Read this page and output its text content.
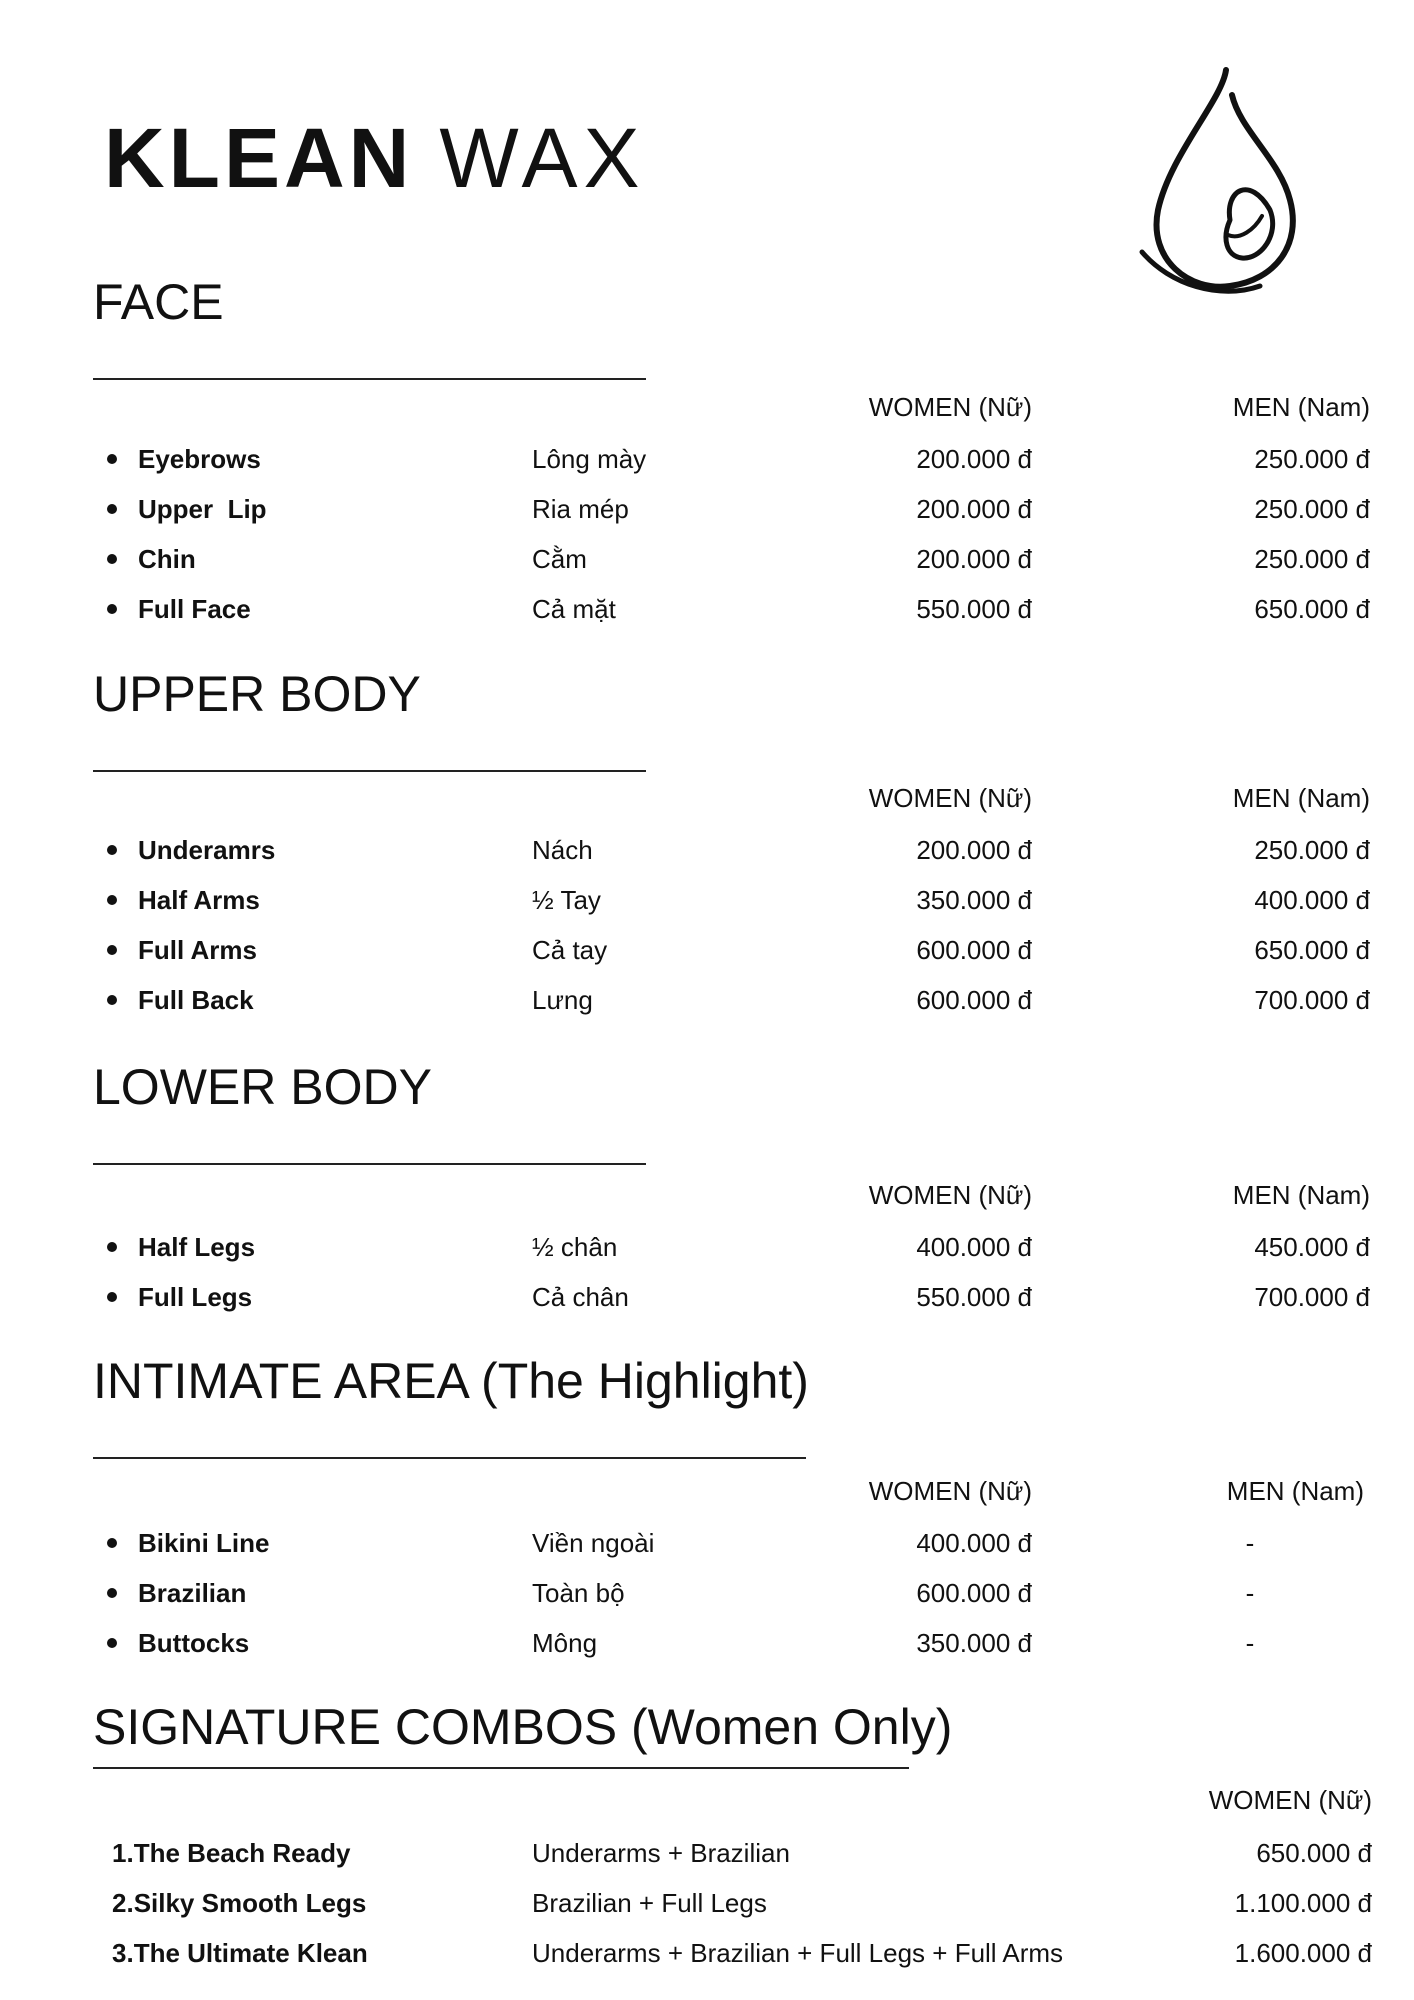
KLEAN WAX
FACE
WOMEN (Nữ)	MEN (Nam)
Eyebrows	Lông mày	200.000 đ	250.000 đ
Upper  Lip	Ria mép	200.000 đ	250.000 đ
Chin	Cằm	200.000 đ	250.000 đ
Full Face	Cả mặt	550.000 đ	650.000 đ
UPPER BODY
WOMEN (Nữ)	MEN (Nam)
Underamrs	Nách	200.000 đ	250.000 đ
Half Arms	½ Tay	350.000 đ	400.000 đ
Full Arms	Cả tay	600.000 đ	650.000 đ
Full Back	Lưng	600.000 đ	700.000 đ
LOWER BODY
WOMEN (Nữ)	MEN (Nam)
Half Legs	½ chân	400.000 đ	450.000 đ
Full Legs	Cả chân	550.000 đ	700.000 đ
INTIMATE AREA (The Highlight)
WOMEN (Nữ)	MEN (Nam)
Bikini Line	Viền ngoài	400.000 đ	-
Brazilian	Toàn bộ	600.000 đ	-
Buttocks	Mông	350.000 đ	-
SIGNATURE COMBOS (Women Only)
WOMEN (Nữ)
1.The Beach Ready	Underarms + Brazilian	650.000 đ
2.Silky Smooth Legs	Brazilian + Full Legs	1.100.000 đ
3.The Ultimate Klean	Underarms + Brazilian + Full Legs + Full Arms	1.600.000 đ
